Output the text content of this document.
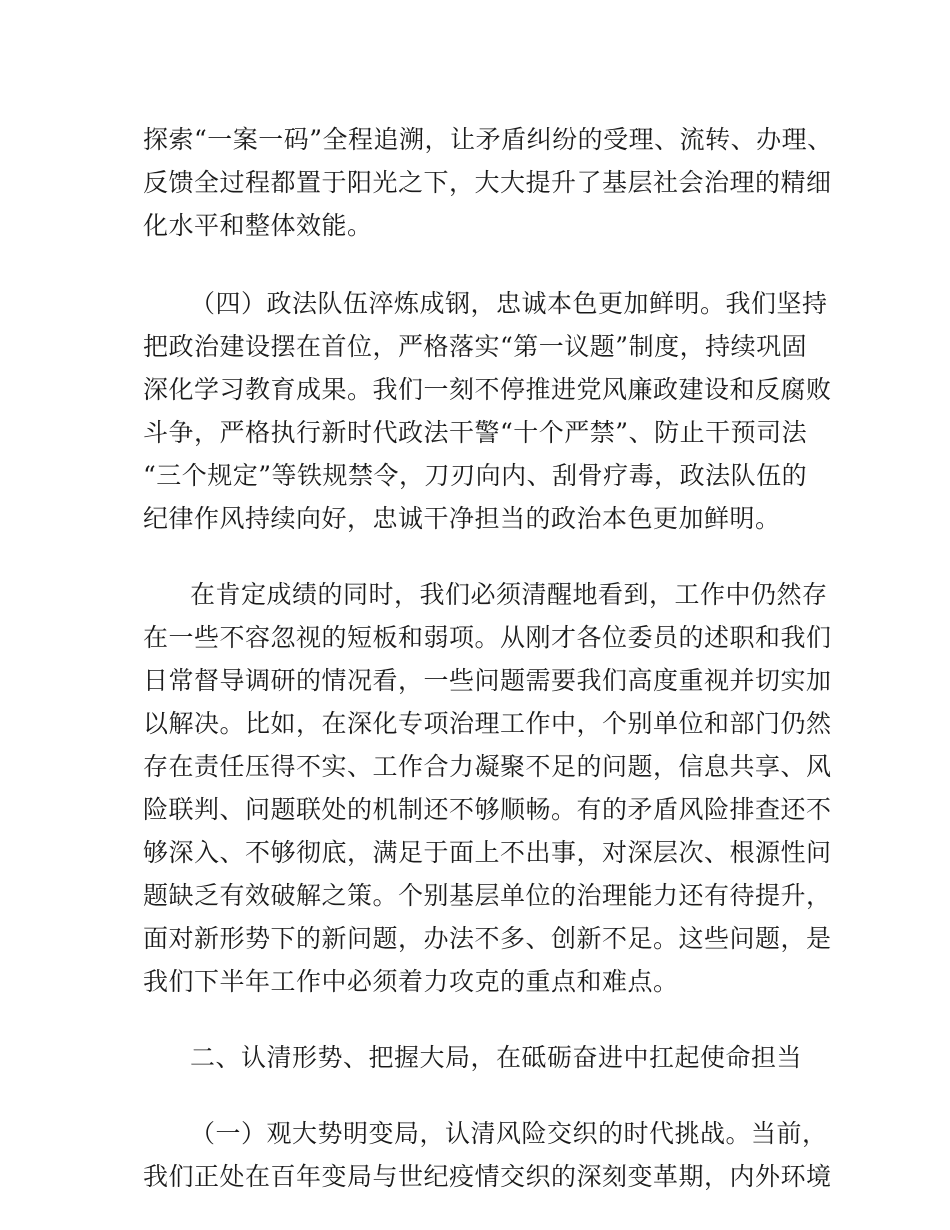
探索“一案一码”全程追溯，让矛盾纠纷的受理、流转、办理、
反馈全过程都置于阳光之下，大大提升了基层社会治理的精细
化水平和整体效能。
（四）政法队伍淬炼成钢，忠诚本色更加鲜明。我们坚持
把政治建设摆在首位，严格落实“第一议题”制度，持续巩固
深化学习教育成果。我们一刻不停推进党风廉政建设和反腐败
斗争，严格执行新时代政法干警“十个严禁”、防止干预司法
“三个规定”等铁规禁令，刀刃向内、刮骨疗毒，政法队伍的
纪律作风持续向好，忠诚干净担当的政治本色更加鲜明。
在肯定成绩的同时，我们必须清醒地看到，工作中仍然存
在一些不容忽视的短板和弱项。从刚才各位委员的述职和我们
日常督导调研的情况看，一些问题需要我们高度重视并切实加
以解决。比如，在深化专项治理工作中，个别单位和部门仍然
存在责任压得不实、工作合力凝聚不足的问题，信息共享、风
险联判、问题联处的机制还不够顺畅。有的矛盾风险排查还不
够深入、不够彻底，满足于面上不出事，对深层次、根源性问
题缺乏有效破解之策。个别基层单位的治理能力还有待提升，
面对新形势下的新问题，办法不多、创新不足。这些问题，是
我们下半年工作中必须着力攻克的重点和难点。
二、认清形势、把握大局，在砥砺奋进中扛起使命担当
（一）观大势明变局，认清风险交织的时代挑战。当前，
我们正处在百年变局与世纪疫情交织的深刻变革期，内外环境
